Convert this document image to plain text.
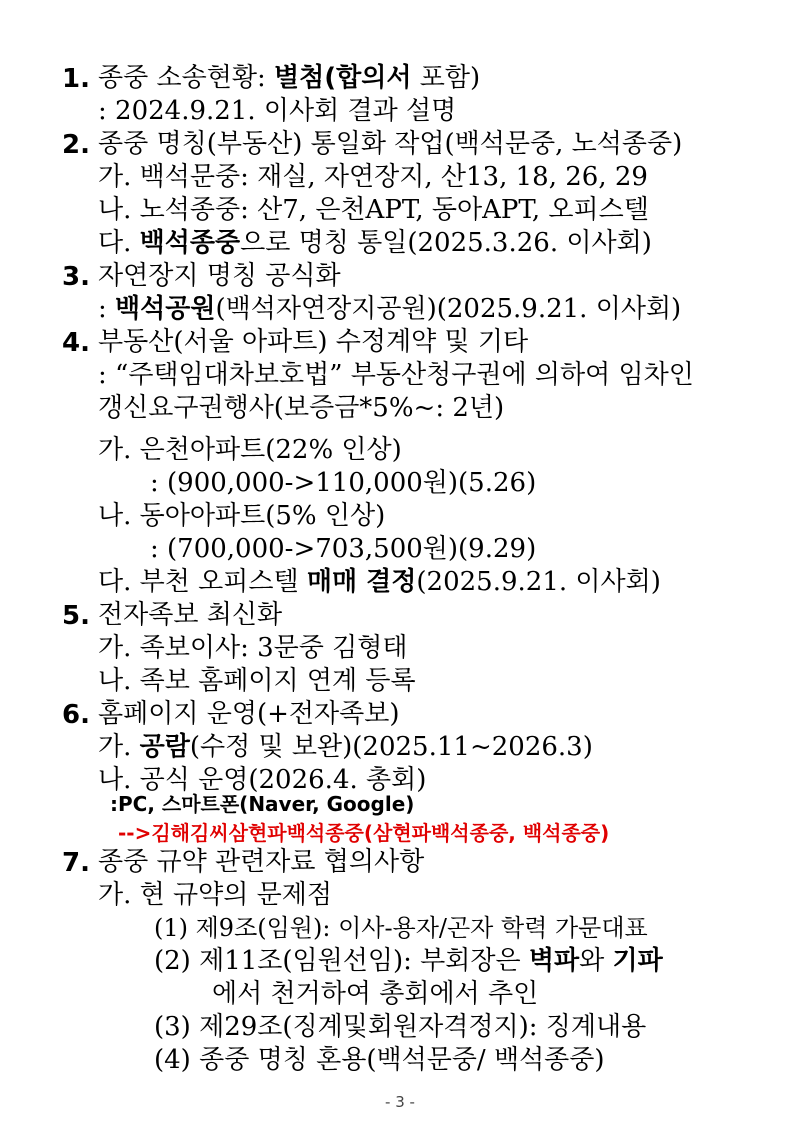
1. 종중 소송현황: 별첨(합의서 포함)
: 2024.9.21. 이사회 결과 설명
2. 종중 명칭(부동산) 통일화 작업(백석문중, 노석종중)
가. 백석문중: 재실, 자연장지, 산13, 18, 26, 29
나. 노석종중: 산7, 은천APT, 동아APT, 오피스텔
다. 백석종중으로 명칭 통일(2025.3.26. 이사회)
3. 자연장지 명칭 공식화
: 백석공원(백석자연장지공원)(2025.9.21. 이사회)
4. 부동산(서울 아파트) 수정계약 및 기타
: “주택임대차보호법” 부동산청구권에 의하여 임차인
갱신요구권행사(보증금*5%~: 2년)
가. 은천아파트(22% 인상)
: (900,000->110,000원)(5.26)
나. 동아아파트(5% 인상)
: (700,000->703,500원)(9.29)
다. 부천 오피스텔 매매 결정(2025.9.21. 이사회)
5. 전자족보 최신화
가. 족보이사: 3문중 김형태
나. 족보 홈페이지 연계 등록
6. 홈페이지 운영(+전자족보)
가. 공람(수정 및 보완)(2025.11~2026.3)
나. 공식 운영(2026.4. 총회)
:PC, 스마트폰(Naver, Google)
-->김해김씨삼현파백석종중(삼현파백석종중, 백석종중)
7. 종중 규약 관련자료 협의사항
가. 현 규약의 문제점
(1) 제9조(임원): 이사-용자/곤자 학력 가문대표
(2) 제11조(임원선임): 부회장은 벽파와 기파
에서 천거하여 총회에서 추인
(3) 제29조(징계및회원자격정지): 징계내용
(4) 종중 명칭 혼용(백석문중/ 백석종중)
- 3 -
